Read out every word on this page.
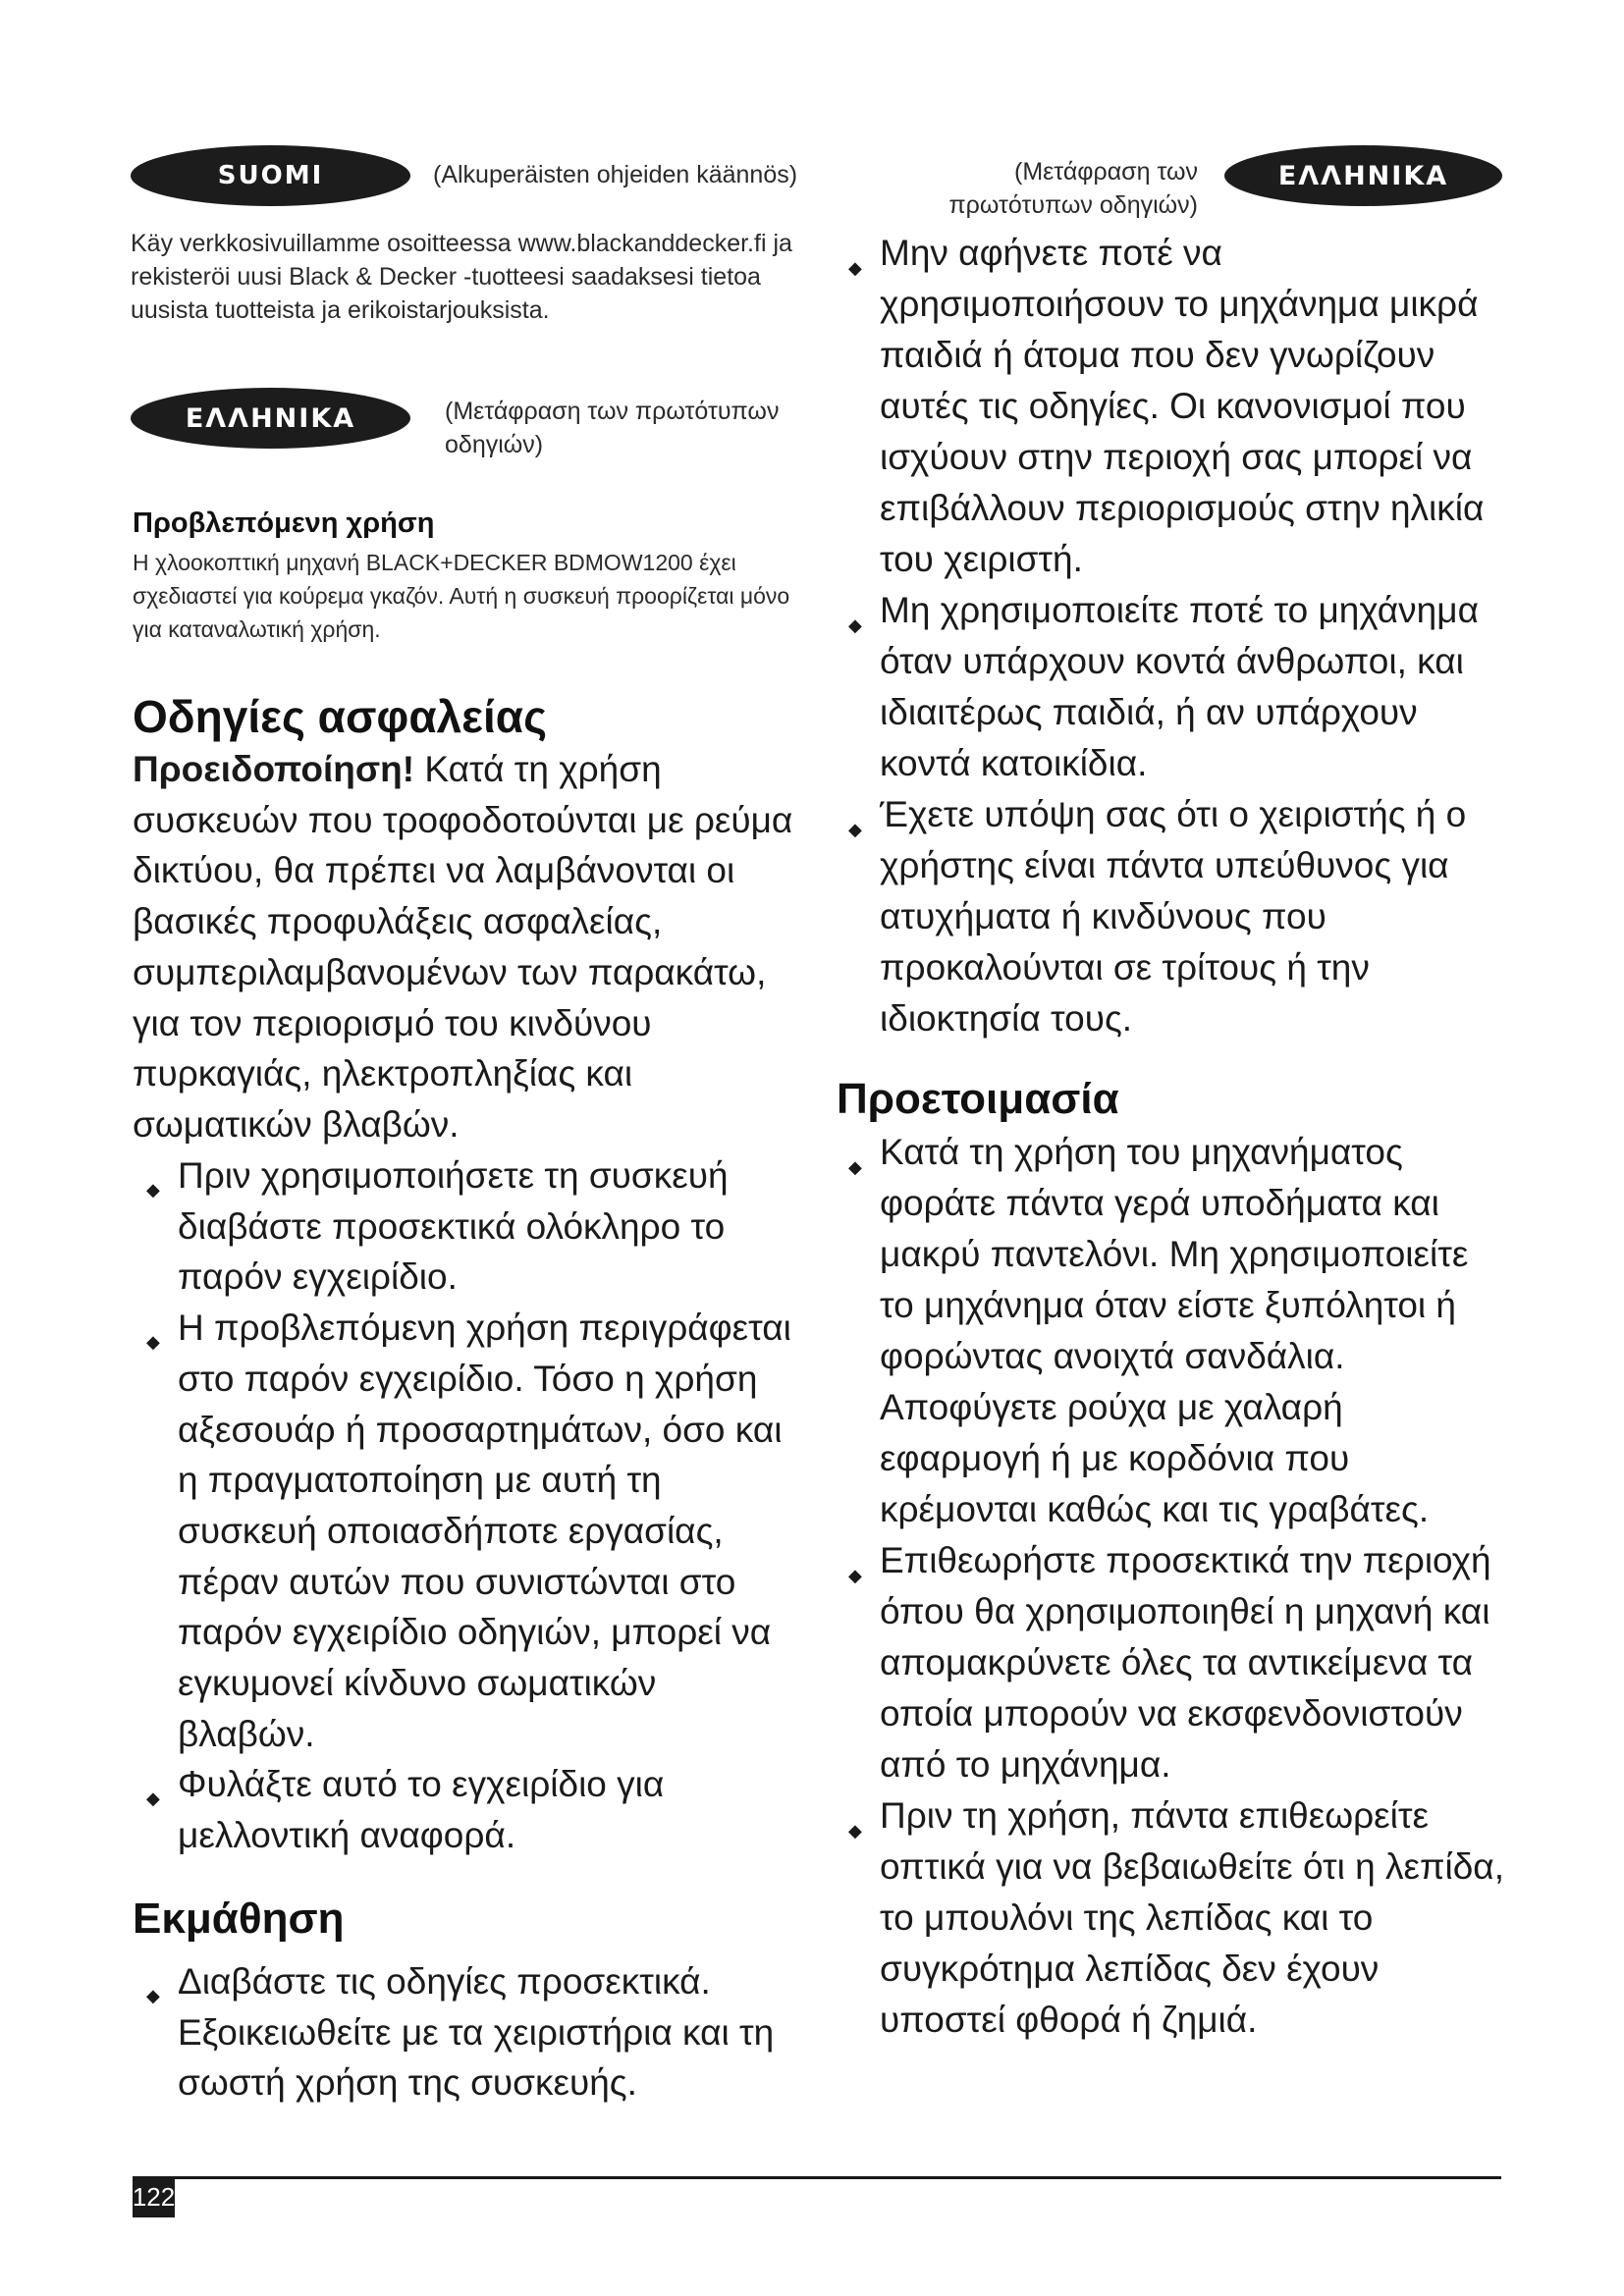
SUOMI	(Alkuperäisten ohjeiden käännös)
Käy verkkosivuillamme osoitteessa www.blackanddecker.fi ja rekisteröi uusi Black & Decker -tuotteesi saadaksesi tietoa uusista tuotteista ja erikoistarjouksista.
ΕΛΛΗΝΙΚΑ	(Μετάφραση των πρωτότυπων οδηγιών)
Προβλεπόμενη χρήση
Η χλοοκοπτική μηχανή BLACK+DECKER BDMOW1200 έχει σχεδιαστεί για κούρεμα γκαζόν. Αυτή η συσκευή προορίζεται μόνο για καταναλωτική χρήση.
Οδηγίες ασφαλείας
Προειδοποίηση! Κατά τη χρήση συσκευών που τροφοδοτούνται με ρεύμα δικτύου, θα πρέπει να λαμβάνονται οι βασικές προφυλάξεις ασφαλείας, συμπεριλαμβανομένων των παρακάτω, για τον περιορισμό του κινδύνου πυρκαγιάς, ηλεκτροπληξίας και σωματικών βλαβών.
◆ Πριν χρησιμοποιήσετε τη συσκευή διαβάστε προσεκτικά ολόκληρο το παρόν εγχειρίδιο.
◆ Η προβλεπόμενη χρήση περιγράφεται στο παρόν εγχειρίδιο. Τόσο η χρήση αξεσουάρ ή προσαρτημάτων, όσο και η πραγματοποίηση με αυτή τη συσκευή οποιασδήποτε εργασίας, πέραν αυτών που συνιστώνται στο παρόν εγχειρίδιο οδηγιών, μπορεί να εγκυμονεί κίνδυνο σωματικών βλαβών.
◆ Φυλάξτε αυτό το εγχειρίδιο για μελλοντική αναφορά.
Εκμάθηση
◆ Διαβάστε τις οδηγίες προσεκτικά. Εξοικειωθείτε με τα χειριστήρια και τη σωστή χρήση της συσκευής.
(Μετάφραση των πρωτότυπων οδηγιών)
ΕΛΛΗΝΙΚΑ
◆ Μην αφήνετε ποτέ να χρησιμοποιήσουν το μηχάνημα μικρά παιδιά ή άτομα που δεν γνωρίζουν αυτές τις οδηγίες. Οι κανονισμοί που ισχύουν στην περιοχή σας μπορεί να επιβάλλουν περιορισμούς στην ηλικία του χειριστή.
◆ Μη χρησιμοποιείτε ποτέ το μηχάνημα όταν υπάρχουν κοντά άνθρωποι, και ιδιαιτέρως παιδιά, ή αν υπάρχουν κοντά κατοικίδια.
◆ Έχετε υπόψη σας ότι ο χειριστής ή ο χρήστης είναι πάντα υπεύθυνος για ατυχήματα ή κινδύνους που προκαλούνται σε τρίτους ή την ιδιοκτησία τους.
Προετοιμασία
◆ Κατά τη χρήση του μηχανήματος φοράτε πάντα γερά υποδήματα και μακρύ παντελόνι. Μη χρησιμοποιείτε το μηχάνημα όταν είστε ξυπόλητοι ή φορώντας ανοιχτά σανδάλια. Αποφύγετε ρούχα με χαλαρή εφαρμογή ή με κορδόνια που κρέμονται καθώς και τις γραβάτες.
◆ Επιθεωρήστε προσεκτικά την περιοχή όπου θα χρησιμοποιηθεί η μηχανή και απομακρύνετε όλες τα αντικείμενα τα οποία μπορούν να εκσφενδονιστούν από το μηχάνημα.
◆ Πριν τη χρήση, πάντα επιθεωρείτε οπτικά για να βεβαιωθείτε ότι η λεπίδα, το μπουλόνι της λεπίδας και το συγκρότημα λεπίδας δεν έχουν υποστεί φθορά ή ζημιά.
122
